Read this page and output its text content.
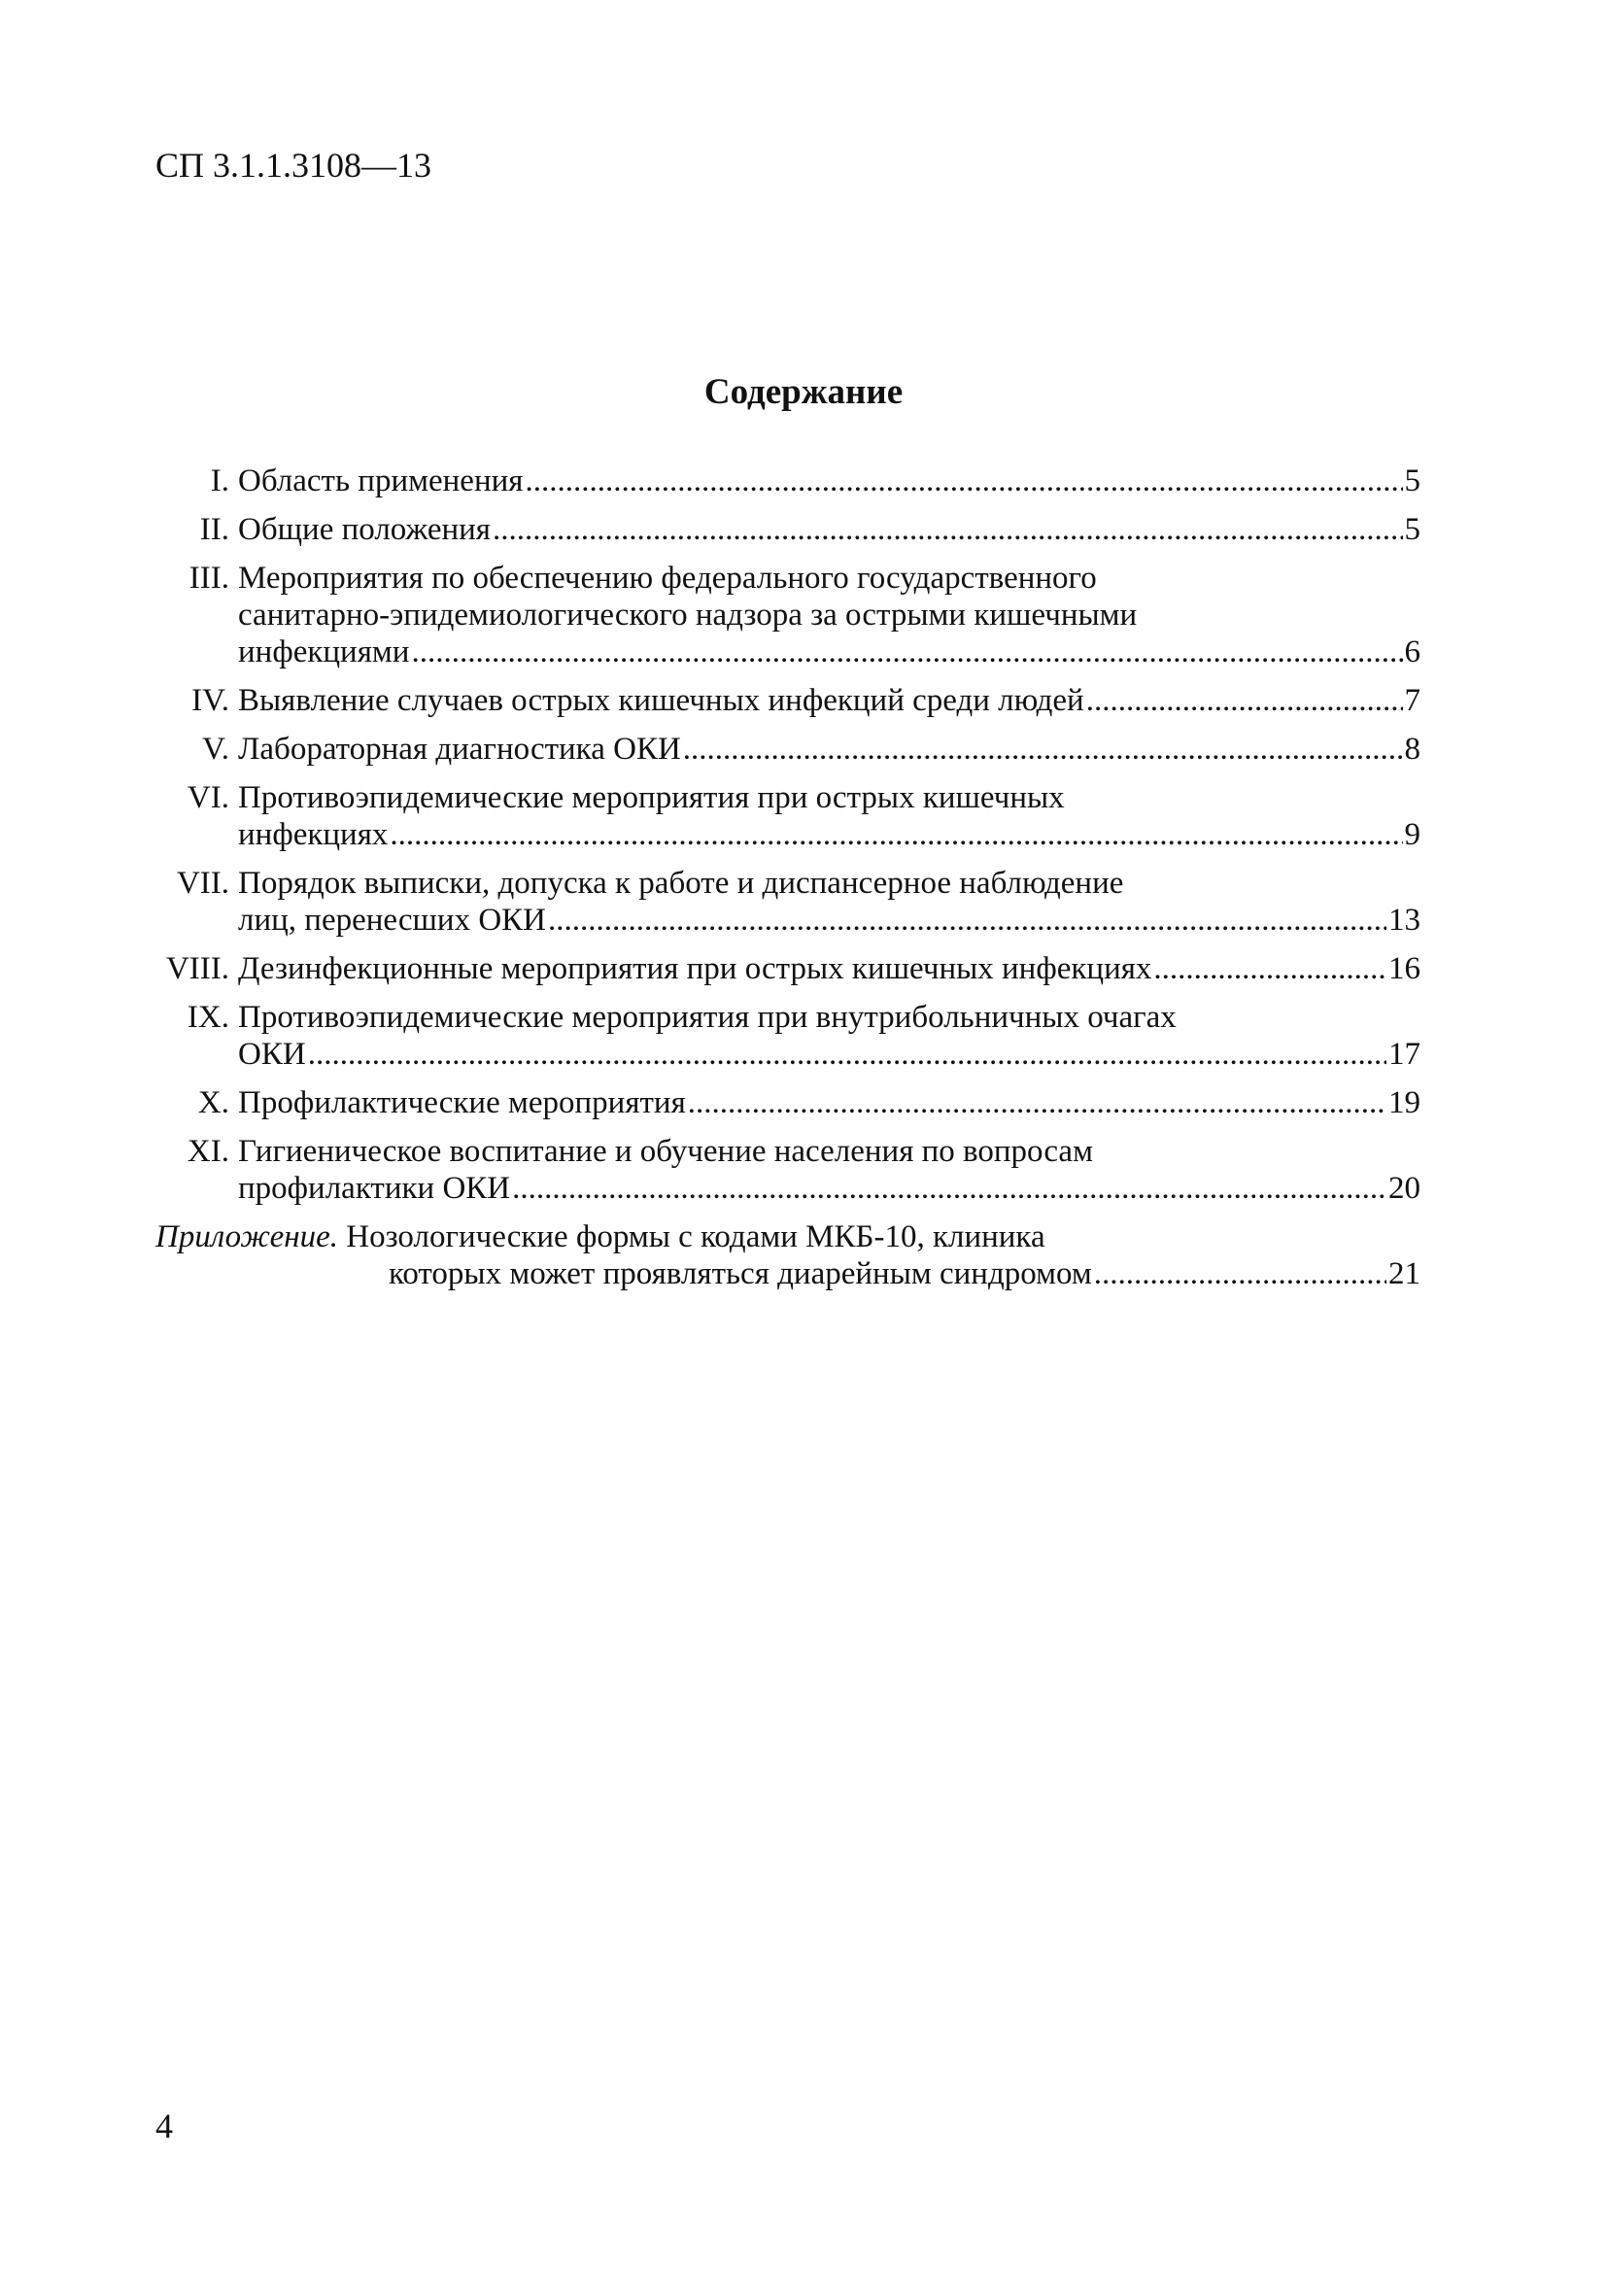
СП 3.1.1.3108—13
Содержание
I. Область применения .....	5
II. Общие положения .....	5
III. Мероприятия по обеспечению федерального государственного
санитарно-эпидемиологического надзора за острыми кишечными
инфекциями .....	6
IV. Выявление случаев острых кишечных инфекций среди людей .....	7
V. Лабораторная диагностика ОКИ .....	8
VI. Противоэпидемические мероприятия при острых кишечных
инфекциях .....	9
VII. Порядок выписки, допуска к работе и диспансерное наблюдение
лиц, перенесших ОКИ .....	13
VIII. Дезинфекционные мероприятия при острых кишечных инфекциях .....	16
IX. Противоэпидемические мероприятия при внутрибольничных очагах
ОКИ .....	17
X. Профилактические мероприятия .....	19
XI. Гигиеническое воспитание и обучение населения по вопросам
профилактики ОКИ .....	20
Приложение. Нозологические формы с кодами МКБ-10, клиника
которых может проявляться диарейным синдромом .....	21
4
